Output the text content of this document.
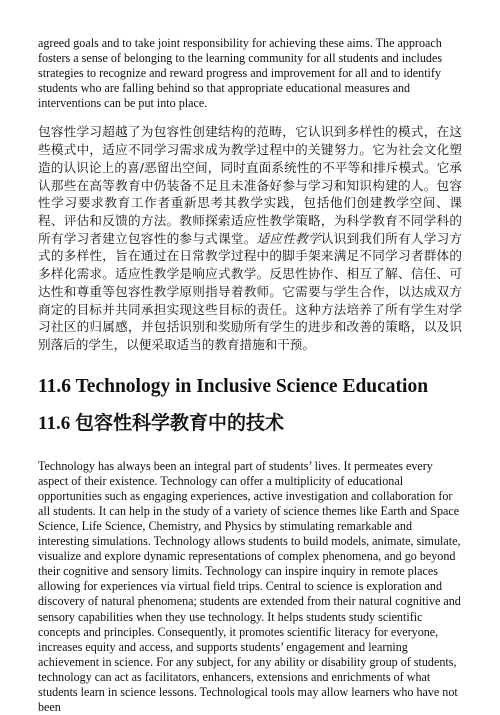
agreed goals and to take joint responsibility for achieving these aims. The approach fosters a sense of belonging to the learning community for all students and includes strategies to recognize and reward progress and improvement for all and to identify students who are falling behind so that appropriate educational measures and interventions can be put into place.

包容性学习超越了为包容性创建结构的范畴，它认识到多样性的模式，在这些模式中，适应不同学习需求成为教学过程中的关键努力。它为社会文化塑造的认识论上的喜/恶留出空间，同时直面系统性的不平等和排斥模式。它承认那些在高等教育中仍装备不足且未准备好参与学习和知识构建的人。包容性学习要求教育工作者重新思考其教学实践，包括他们创建教学空间、课程、评估和反馈的方法。教师探索适应性教学策略，为科学教育不同学科的所有学习者建立包容性的参与式课堂。适应性教学认识到我们所有人学习方式的多样性，旨在通过在日常教学过程中的脚手架来满足不同学习者群体的多样化需求。适应性教学是响应式教学。反思性协作、相互了解、信任、可达性和尊重等包容性教学原则指导着教师。它需要与学生合作，以达成双方商定的目标并共同承担实现这些目标的责任。这种方法培养了所有学生对学习社区的归属感，并包括识别和奖励所有学生的进步和改善的策略，以及识别落后的学生，以便采取适当的教育措施和干预。

11.6 Technology in Inclusive Science Education
11.6 包容性科学教育中的技术

Technology has always been an integral part of students’ lives. It permeates every aspect of their existence. Technology can offer a multiplicity of educational opportunities such as engaging experiences, active investigation and collaboration for all students. It can help in the study of a variety of science themes like Earth and Space Science, Life Science, Chemistry, and Physics by stimulating remarkable and interesting simulations. Technology allows students to build models, animate, simulate, visualize and explore dynamic representations of complex phenomena, and go beyond their cognitive and sensory limits. Technology can inspire inquiry in remote places allowing for experiences via virtual field trips. Central to science is exploration and discovery of natural phenomena; students are extended from their natural cognitive and sensory capabilities when they use technology. It helps students study scientific concepts and principles. Consequently, it promotes scientific literacy for everyone, increases equity and access, and supports students’ engagement and learning achievement in science. For any subject, for any ability or disability group of students, technology can act as facilitators, enhancers, extensions and enrichments of what students learn in science lessons. Technological tools may allow learners who have not been
